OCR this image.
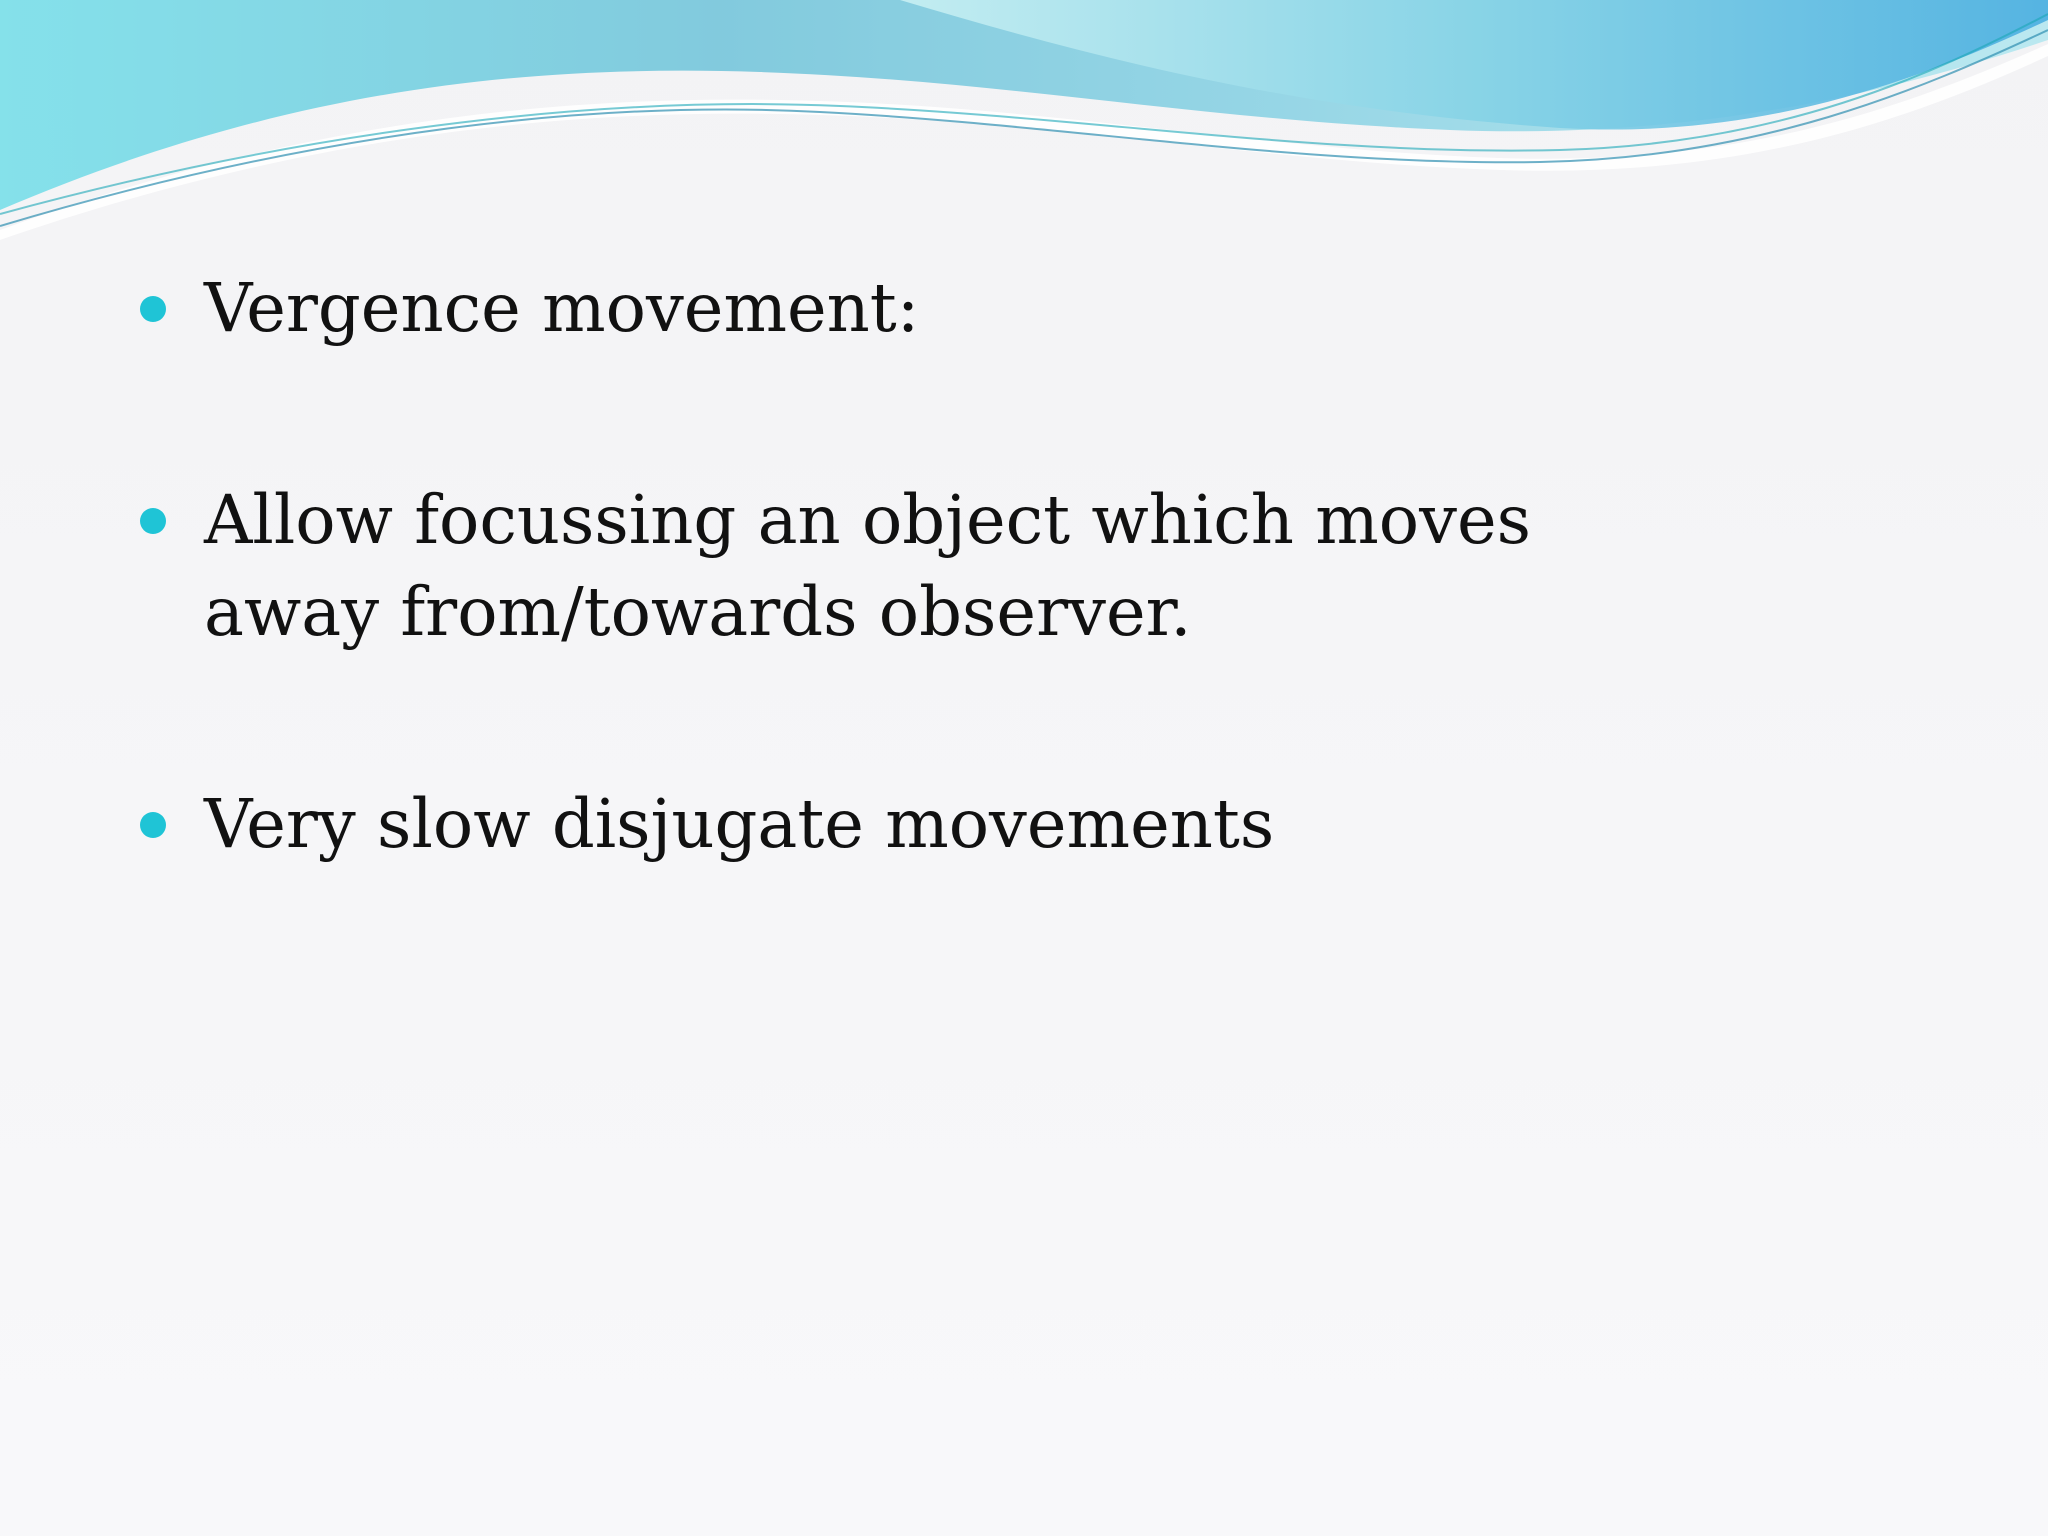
Vergence movement:
Allow focussing an object which moves away from/towards observer.
Very slow disjugate movements
